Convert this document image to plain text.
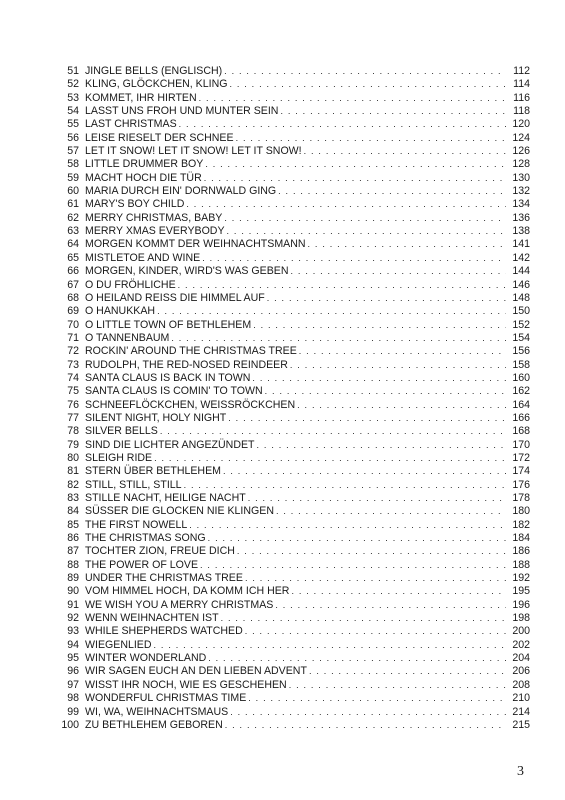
51 JINGLE BELLS (ENGLISCH) . . .	112
52 KLING, GLÖCKCHEN, KLING . . .	114
53 KOMMET, IHR HIRTEN . . .	116
54 LASST UNS FROH UND MUNTER SEIN . . .	118
55 LAST CHRISTMAS . . .	120
56 LEISE RIESELT DER SCHNEE . . .	124
57 LET IT SNOW! LET IT SNOW! LET IT SNOW! . . .	126
58 LITTLE DRUMMER BOY . . .	128
59 MACHT HOCH DIE TÜR . . .	130
60 MARIA DURCH EIN' DORNWALD GING . . .	132
61 MARY'S BOY CHILD . . .	134
62 MERRY CHRISTMAS, BABY . . .	136
63 MERRY XMAS EVERYBODY . . .	138
64 MORGEN KOMMT DER WEIHNACHTSMANN . . .	141
65 MISTLETOE AND WINE . . .	142
66 MORGEN, KINDER, WIRD'S WAS GEBEN . . .	144
67 O DU FRÖHLICHE . . .	146
68 O HEILAND REISS DIE HIMMEL AUF . . .	148
69 O HANUKKAH . . .	150
70 O LITTLE TOWN OF BETHLEHEM . . .	152
71 O TANNENBAUM . . .	154
72 ROCKIN' AROUND THE CHRISTMAS TREE . . .	156
73 RUDOLPH, THE RED-NOSED REINDEER . . .	158
74 SANTA CLAUS IS BACK IN TOWN . . .	160
75 SANTA CLAUS IS COMIN' TO TOWN . . .	162
76 SCHNEEFLÖCKCHEN, WEISSRÖCKCHEN . . .	164
77 SILENT NIGHT, HOLY NIGHT . . .	166
78 SILVER BELLS . . .	168
79 SIND DIE LICHTER ANGEZÜNDET . . .	170
80 SLEIGH RIDE . . .	172
81 STERN ÜBER BETHLEHEM . . .	174
82 STILL, STILL, STILL . . .	176
83 STILLE NACHT, HEILIGE NACHT . . .	178
84 SÜSSER DIE GLOCKEN NIE KLINGEN . . .	180
85 THE FIRST NOWELL . . .	182
86 THE CHRISTMAS SONG . . .	184
87 TOCHTER ZION, FREUE DICH . . .	186
88 THE POWER OF LOVE . . .	188
89 UNDER THE CHRISTMAS TREE . . .	192
90 VOM HIMMEL HOCH, DA KOMM ICH HER . . .	195
91 WE WISH YOU A MERRY CHRISTMAS . . .	196
92 WENN WEIHNACHTEN IST . . .	198
93 WHILE SHEPHERDS WATCHED . . .	200
94 WIEGENLIED . . .	202
95 WINTER WONDERLAND . . .	204
96 WIR SAGEN EUCH AN DEN LIEBEN ADVENT . . .	206
97 WISST IHR NOCH, WIE ES GESCHEHEN . . .	208
98 WONDERFUL CHRISTMAS TIME . . .	210
99 WI, WA, WEIHNACHTSMAUS . . .	214
100 ZU BETHLEHEM GEBOREN . . .	215
3
